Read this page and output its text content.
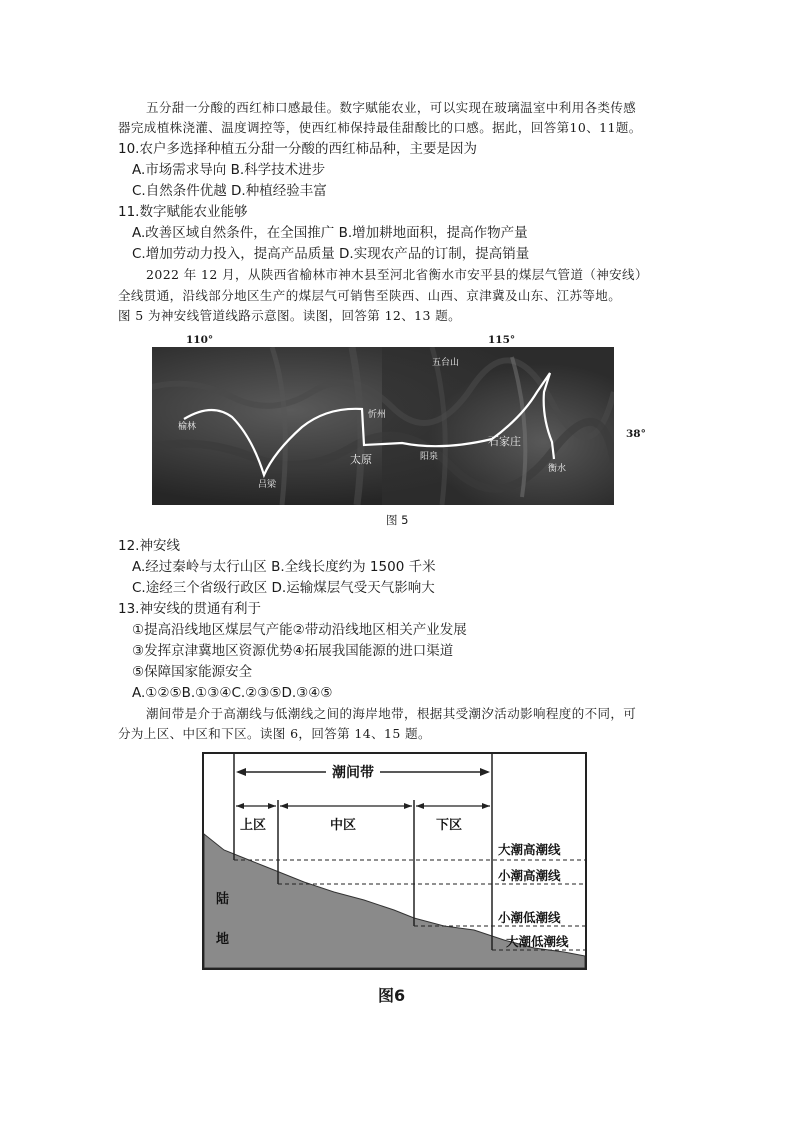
五分甜一分酸的西红柿口感最佳。数字赋能农业，可以实现在玻璃温室中利用各类传感
器完成植株浇灌、温度调控等，使西红柿保持最佳甜酸比的口感。据此，回答第10、11题。
10.农户多选择种植五分甜一分酸的西红柿品种，主要是因为
A.市场需求导向 B.科学技术进步
C.自然条件优越 D.种植经验丰富
11.数字赋能农业能够
A.改善区域自然条件，在全国推广 B.增加耕地面积，提高作物产量
C.增加劳动力投入，提高产品质量 D.实现农产品的订制，提高销量
2022 年 12 月，从陕西省榆林市神木县至河北省衡水市安平县的煤层气管道（神安线）
全线贯通，沿线部分地区生产的煤层气可销售至陕西、山西、京津冀及山东、江苏等地。
图 5 为神安线管道线路示意图。读图，回答第 12、13 题。
110°	115°
38°
榆林
吕梁
忻州
太原	阳泉
石家庄
衡水
五台山
图 5
12.神安线
A.经过秦岭与太行山区 B.全线长度约为 1500 千米
C.途经三个省级行政区 D.运输煤层气受天气影响大
13.神安线的贯通有利于
①提高沿线地区煤层气产能②带动沿线地区相关产业发展
③发挥京津冀地区资源优势④拓展我国能源的进口渠道
⑤保障国家能源安全
A.①②⑤B.①③④C.②③⑤D.③④⑤
潮间带是介于高潮线与低潮线之间的海岸地带，根据其受潮汐活动影响程度的不同，可
分为上区、中区和下区。读图 6，回答第 14、15 题。
潮间带
上区	中区	下区
陆
地
大潮高潮线
小潮高潮线
小潮低潮线
大潮低潮线
图6
